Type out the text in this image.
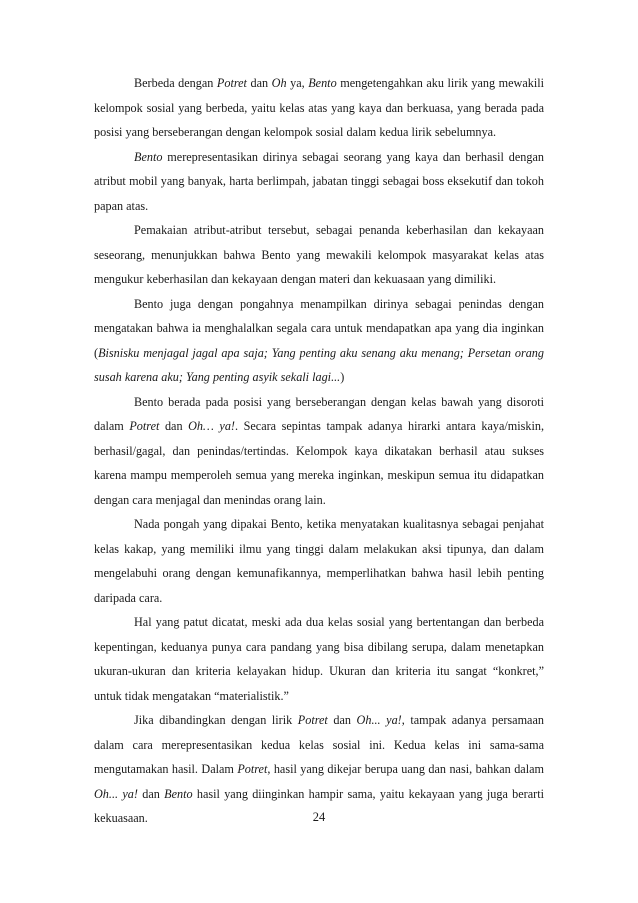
Berbeda dengan Potret dan Oh ya, Bento mengetengahkan aku lirik yang mewakili kelompok sosial yang berbeda, yaitu kelas atas yang kaya dan berkuasa, yang berada pada posisi yang berseberangan dengan kelompok sosial dalam kedua lirik sebelumnya.

Bento merepresentasikan dirinya sebagai seorang yang kaya dan berhasil dengan atribut mobil yang banyak, harta berlimpah, jabatan tinggi sebagai boss eksekutif dan tokoh papan atas.

Pemakaian atribut-atribut tersebut, sebagai penanda keberhasilan dan kekayaan seseorang, menunjukkan bahwa Bento yang mewakili kelompok masyarakat kelas atas mengukur keberhasilan dan kekayaan dengan materi dan kekuasaan yang dimiliki.

Bento juga dengan pongahnya menampilkan dirinya sebagai penindas dengan mengatakan bahwa ia menghalalkan segala cara untuk mendapatkan apa yang dia inginkan (Bisnisku menjagal jagal apa saja; Yang penting aku senang aku menang; Persetan orang susah karena aku; Yang penting asyik sekali lagi...)

Bento berada pada posisi yang berseberangan dengan kelas bawah yang disoroti dalam Potret dan Oh… ya!. Secara sepintas tampak adanya hirarki antara kaya/miskin, berhasil/gagal, dan penindas/tertindas. Kelompok kaya dikatakan berhasil atau sukses karena mampu memperoleh semua yang mereka inginkan, meskipun semua itu didapatkan dengan cara menjagal dan menindas orang lain.

Nada pongah yang dipakai Bento, ketika menyatakan kualitasnya sebagai penjahat kelas kakap, yang memiliki ilmu yang tinggi dalam melakukan aksi tipunya, dan dalam mengelabuhi orang dengan kemunafikannya, memperlihatkan bahwa hasil lebih penting daripada cara.

Hal yang patut dicatat, meski ada dua kelas sosial yang bertentangan dan berbeda kepentingan, keduanya punya cara pandang yang bisa dibilang serupa, dalam menetapkan ukuran-ukuran dan kriteria kelayakan hidup. Ukuran dan kriteria itu sangat “konkret,” untuk tidak mengatakan “materialistik.”

Jika dibandingkan dengan lirik Potret dan Oh... ya!, tampak adanya persamaan dalam cara merepresentasikan kedua kelas sosial ini. Kedua kelas ini sama-sama mengutamakan hasil. Dalam Potret, hasil yang dikejar berupa uang dan nasi, bahkan dalam Oh... ya! dan Bento hasil yang diinginkan hampir sama, yaitu kekayaan yang juga berarti kekuasaan.	24
